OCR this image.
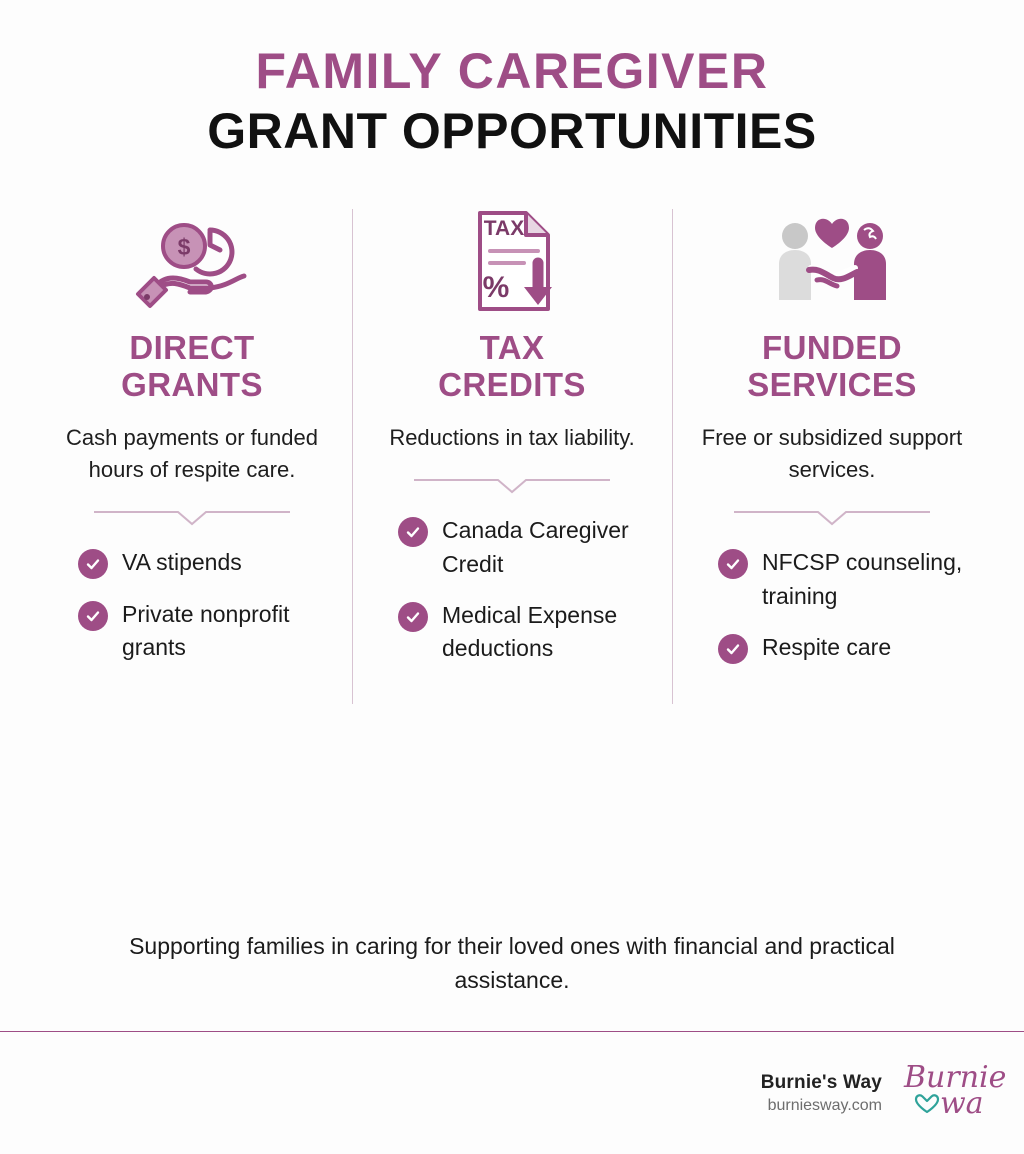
FAMILY CAREGIVER
GRANT OPPORTUNITIES
$
DIRECT
GRANTS
Cash payments or funded hours of respite care.
VA stipends
Private nonprofit grants
TAX
%
TAX
CREDITS
Reductions in tax liability.
Canada Caregiver Credit
Medical Expense deductions
FUNDED
SERVICES
Free or subsidized support services.
NFCSP counseling, training
Respite care
Supporting families in caring for their loved ones with financial and practical assistance.
Burnie's Way
burniesway.com
Burnie
wa
